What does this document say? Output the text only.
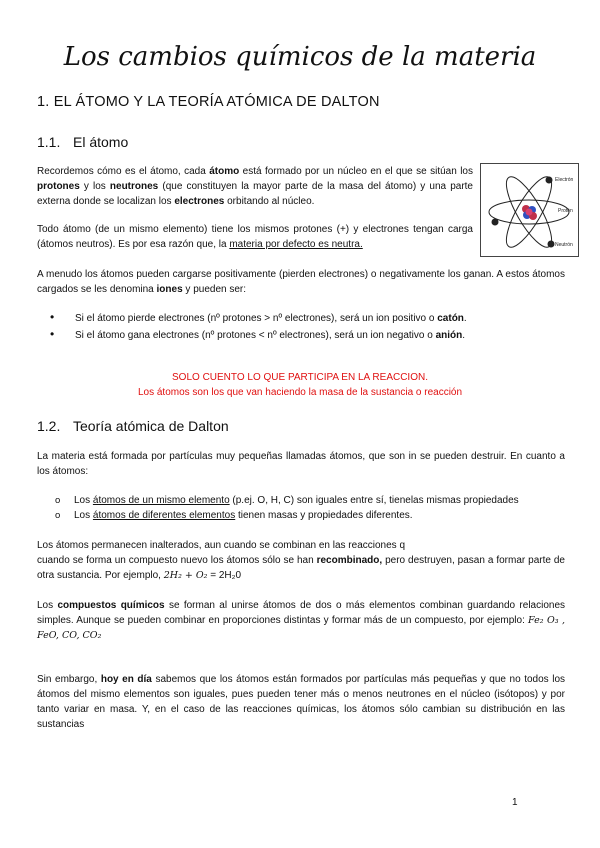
Los cambios químicos de la materia
1. EL ÁTOMO Y LA TEORÍA ATÓMICA DE DALTON
1.1. El átomo
Recordemos cómo es el átomo, cada átomo está formado por un núcleo en el que se sitúan los protones y los neutrones (que constituyen la mayor parte de la masa del átomo) y una parte externa donde se localizan los electrones orbitando al núcleo.
Todo átomo (de un mismo elemento) tiene los mismos protones (+) y electrones tengan carga (átomos neutros). Es por esa razón que, la materia por defecto es neutra.
Electrón
Protón
Neutrón
A menudo los átomos pueden cargarse positivamente (pierden electrones) o negativamente los ganan. A estos átomos cargados se les denomina iones y pueden ser:
• Si el átomo pierde electrones (nº protones > nº electrones), será un ion positivo o catón.
• Si el átomo gana electrones (nº protones < nº electrones), será un ion negativo o anión.
SOLO CUENTO LO QUE PARTICIPA EN LA REACCION.
Los átomos son los que van haciendo la masa de la sustancia o reacción
1.2. Teoría atómica de Dalton
La materia está formada por partículas muy pequeñas llamadas átomos, que son in se pueden destruir. En cuanto a los átomos:
o Los átomos de un mismo elemento (p.ej. O, H, C) son iguales entre sí, tienelas mismas propiedades
o Los átomos de diferentes elementos tienen masas y propiedades diferentes.
Los átomos permanecen inalterados, aun cuando se combinan en las reacciones q
cuando se forma un compuesto nuevo los átomos sólo se han recombinado, pero destruyen, pasan a formar parte de otra sustancia. Por ejemplo, 2H₂ + O₂ = 2H₂0
Los compuestos químicos se forman al unirse átomos de dos o más elementos combinan guardando relaciones simples. Aunque se pueden combinar en proporciones distintas y formar más de un compuesto, por ejemplo: Fe₂ O₃ , FeO, CO, CO₂
Sin embargo, hoy en día sabemos que los átomos están formados por partículas más pequeñas y que no todos los átomos del mismo elementos son iguales, pues pueden tener más o menos neutrones en el núcleo (isótopos) y por tanto variar en masa. Y, en el caso de las reacciones químicas, los átomos sólo cambian su distribución en las sustancias
1
